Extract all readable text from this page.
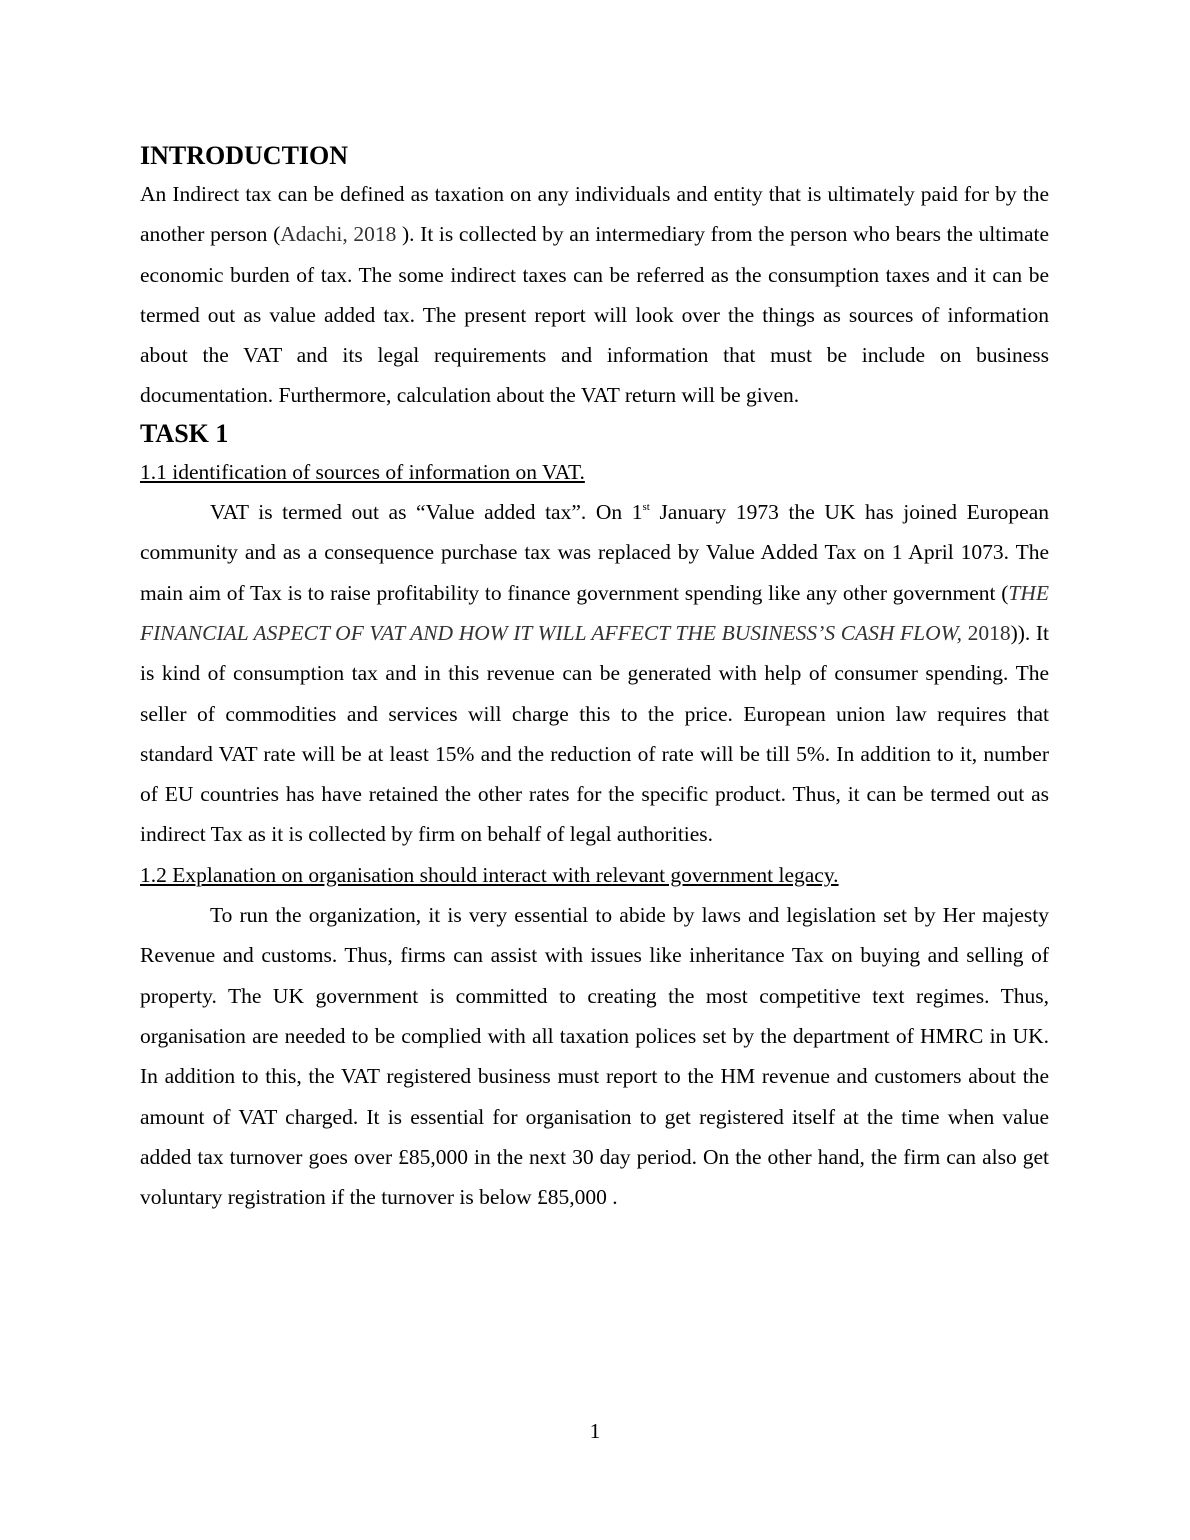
INTRODUCTION

An Indirect tax can be defined as taxation on any individuals and entity that is ultimately paid for by the another person (Adachi, 2018 ). It is collected by an intermediary from the person who bears the ultimate economic burden of tax. The some indirect taxes can be referred as the consumption taxes and it can be termed out as value added tax. The present report will look over the things as sources of information about the VAT and its legal requirements and information that must be include on business documentation. Furthermore, calculation about the VAT return will be given.

TASK 1
1.1 identification of sources of information on VAT.

VAT is termed out as “Value added tax”. On 1st January 1973 the UK has joined European community and as a consequence purchase tax was replaced by Value Added Tax on 1 April 1073. The main aim of Tax is to raise profitability to finance government spending like any other government (THE FINANCIAL ASPECT OF VAT AND HOW IT WILL AFFECT THE BUSINESS’S CASH FLOW, 2018)). It is kind of consumption tax and in this revenue can be generated with help of consumer spending. The seller of commodities and services will charge this to the price. European union law requires that standard VAT rate will be at least 15% and the reduction of rate will be till 5%. In addition to it, number of EU countries has have retained the other rates for the specific product. Thus, it can be termed out as indirect Tax as it is collected by firm on behalf of legal authorities.

1.2 Explanation on organisation should interact with relevant government legacy.

To run the organization, it is very essential to abide by laws and legislation set by Her majesty Revenue and customs. Thus, firms can assist with issues like inheritance Tax on buying and selling of property. The UK government is committed to creating the most competitive text regimes. Thus, organisation are needed to be complied with all taxation polices set by the department of HMRC in UK. In addition to this, the VAT registered business must report to the HM revenue and customers about the amount of VAT charged. It is essential for organisation to get registered itself at the time when value added tax turnover goes over £85,000 in the next 30 day period. On the other hand, the firm can also get voluntary registration if the turnover is below £85,000 .

1
